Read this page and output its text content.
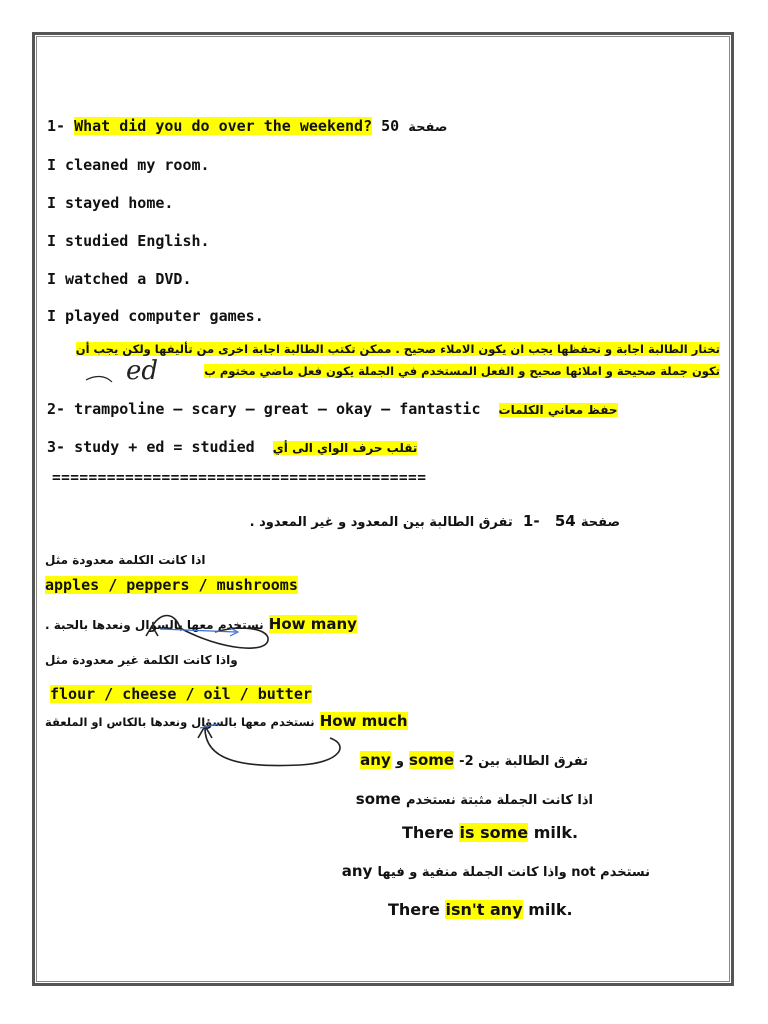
1- What did you do over the weekend? 50 صفحة
I cleaned my room.
I stayed home.
I studied English.
I watched a DVD.
I played computer games.
تختار الطالبة اجابة و تحفظها يجب ان يكون الاملاء صحيح . ممكن تكتب الطالبة اجابة اخرى من تأليفها ولكن يجب أن
تكون جملة صحيحة و املائها صحيح و الفعل المستخدم في الجملة يكون فعل ماضي مختوم ب
ed
2- trampoline – scary – great – okay – fantastic حفظ معاني الكلمات
3- study + ed = studied تقلب حرف الواي الى أي
=========================================
صفحة 54   -1  تفرق الطالبة بين المعدود و غير المعدود .
اذا كانت الكلمة معدودة مثل
apples / peppers / mushrooms
نستخدم معها بالسؤال ونعدها بالحبة . How many
واذا كانت الكلمة غير معدودة مثل
flour / cheese / oil / butter
نستخدم معها بالسؤال ونعدها بالكاس او الملعقة How much
تفرق الطالبة بين 2- some و any
اذا كانت الجملة مثبتة نستخدم some
There is some milk.
نستخدم not واذا كانت الجملة منفية و فيها any
There isn't any milk.
